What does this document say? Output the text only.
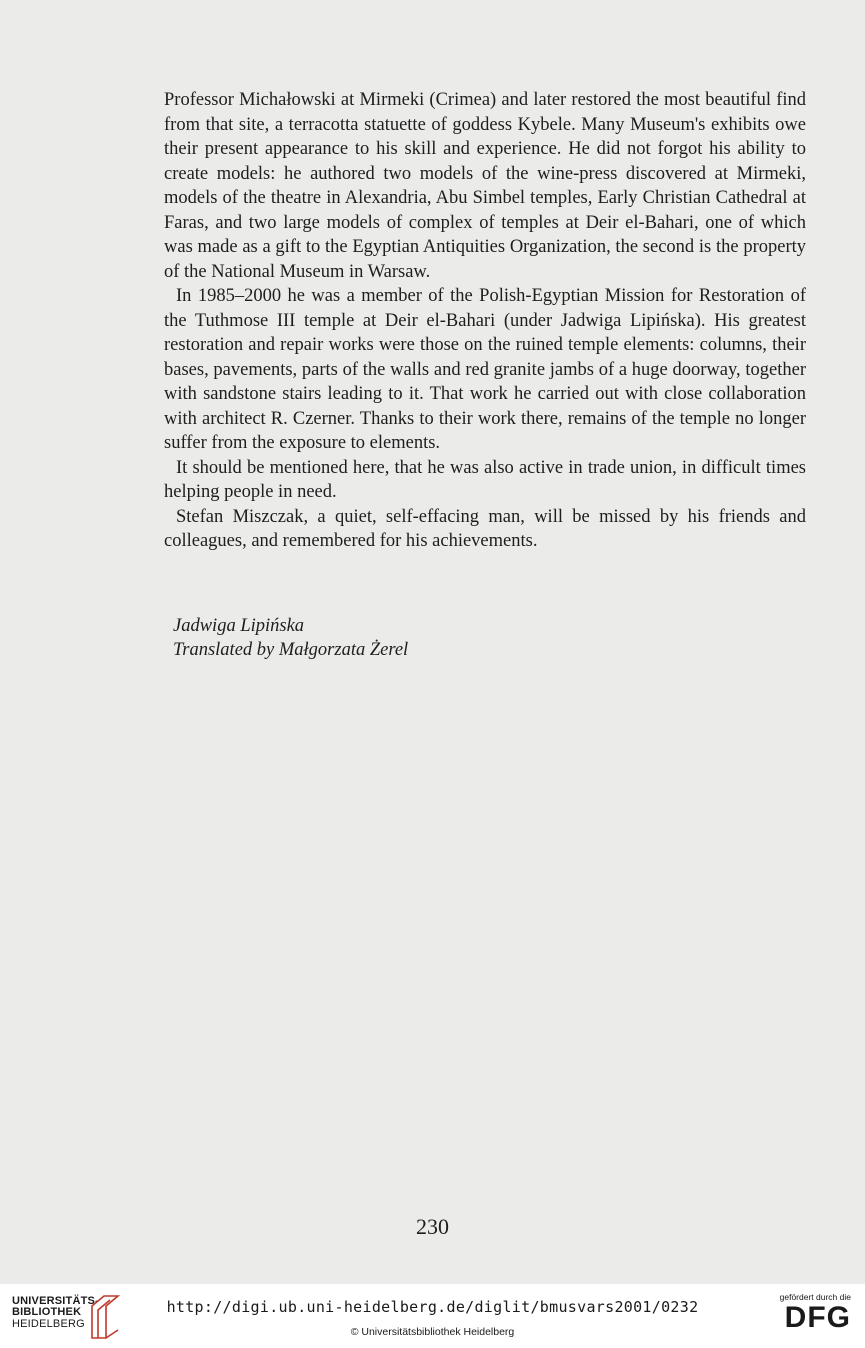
Professor Michałowski at Mirmeki (Crimea) and later restored the most beautiful find from that site, a terracotta statuette of goddess Kybele. Many Museum's exhibits owe their present appearance to his skill and experience. He did not forgot his ability to create models: he authored two models of the wine-press discovered at Mirmeki, models of the theatre in Alexandria, Abu Simbel temples, Early Christian Cathedral at Faras, and two large models of complex of temples at Deir el-Bahari, one of which was made as a gift to the Egyptian Antiquities Organization, the second is the property of the National Museum in Warsaw.

In 1985–2000 he was a member of the Polish-Egyptian Mission for Restoration of the Tuthmose III temple at Deir el-Bahari (under Jadwiga Lipińska). His greatest restoration and repair works were those on the ruined temple elements: columns, their bases, pavements, parts of the walls and red granite jambs of a huge doorway, together with sandstone stairs leading to it. That work he carried out with close collaboration with architect R. Czerner. Thanks to their work there, remains of the temple no longer suffer from the exposure to elements.

It should be mentioned here, that he was also active in trade union, in difficult times helping people in need.

Stefan Miszczak, a quiet, self-effacing man, will be missed by his friends and colleagues, and remembered for his achievements.

Jadwiga Lipińska
Translated by Małgorzata Żerel
230
UNIVERSITÄTS-
BIBLIOTHEK
HEIDELBERG
http://digi.ub.uni-heidelberg.de/diglit/bmusvars2001/0232
© Universitätsbibliothek Heidelberg
gefördert durch die
DFG
